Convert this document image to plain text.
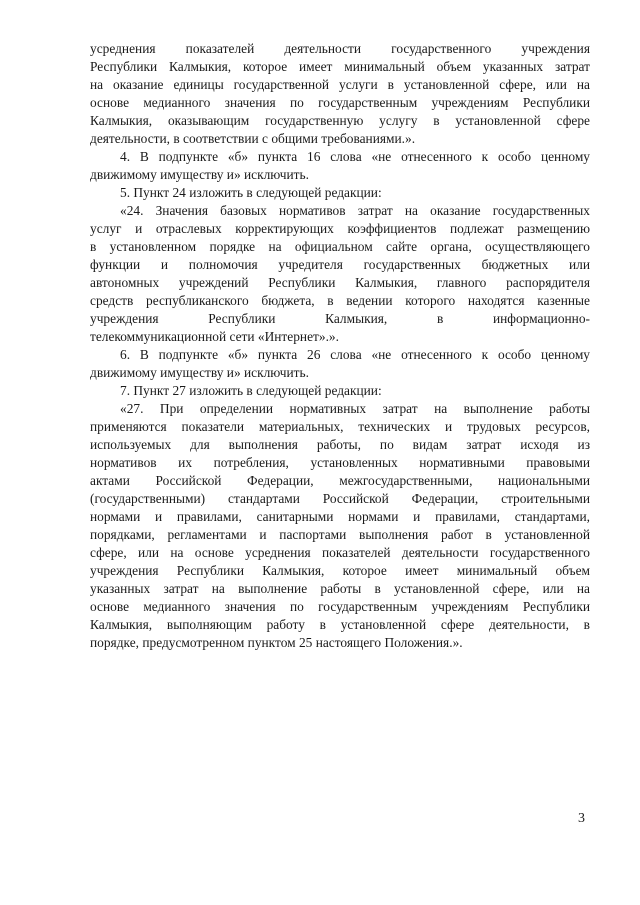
усреднения показателей деятельности государственного учреждения
Республики Калмыкия, которое имеет минимальный объем указанных затрат
на оказание единицы государственной услуги в установленной сфере, или на
основе медианного значения по государственным учреждениям Республики
Калмыкия, оказывающим государственную услугу в установленной сфере
деятельности, в соответствии с общими требованиями.».
4. В подпункте «б» пункта 16 слова «не отнесенного к особо ценному
движимому имуществу и» исключить.
5. Пункт 24 изложить в следующей редакции:
«24. Значения базовых нормативов затрат на оказание государственных
услуг и отраслевых корректирующих коэффициентов подлежат размещению
в установленном порядке на официальном сайте органа, осуществляющего
функции и полномочия учредителя государственных бюджетных или
автономных учреждений Республики Калмыкия, главного распорядителя
средств республиканского бюджета, в ведении которого находятся казенные
учреждения Республики Калмыкия, в информационно-
телекоммуникационной сети «Интернет».».
6. В подпункте «б» пункта 26 слова «не отнесенного к особо ценному
движимому имуществу и» исключить.
7. Пункт 27 изложить в следующей редакции:
«27. При определении нормативных затрат на выполнение работы
применяются показатели материальных, технических и трудовых ресурсов,
используемых для выполнения работы, по видам затрат исходя из
нормативов их потребления, установленных нормативными правовыми
актами Российской Федерации, межгосударственными, национальными
(государственными) стандартами Российской Федерации, строительными
нормами и правилами, санитарными нормами и правилами, стандартами,
порядками, регламентами и паспортами выполнения работ в установленной
сфере, или на основе усреднения показателей деятельности государственного
учреждения Республики Калмыкия, которое имеет минимальный объем
указанных затрат на выполнение работы в установленной сфере, или на
основе медианного значения по государственным учреждениям Республики
Калмыкия, выполняющим работу в установленной сфере деятельности, в
порядке, предусмотренном пунктом 25 настоящего Положения.».
3
